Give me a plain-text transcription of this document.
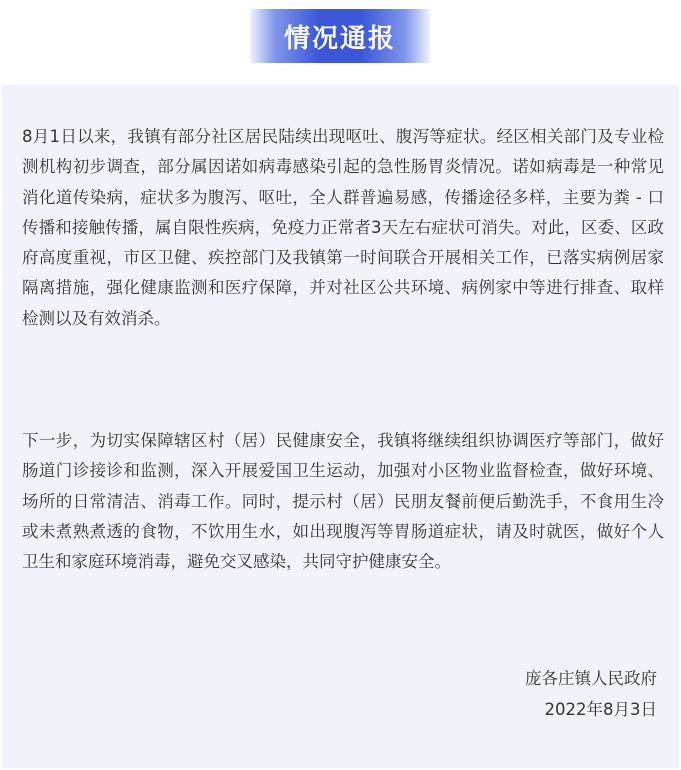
情况通报

8月1日以来，我镇有部分社区居民陆续出现呕吐、腹泻等症状。经区相关部门及专业检测机构初步调查，部分属因诺如病毒感染引起的急性肠胃炎情况。诺如病毒是一种常见消化道传染病，症状多为腹泻、呕吐，全人群普遍易感，传播途径多样，主要为粪 - 口传播和接触传播，属自限性疾病，免疫力正常者3天左右症状可消失。对此，区委、区政府高度重视，市区卫健、疾控部门及我镇第一时间联合开展相关工作，已落实病例居家隔离措施，强化健康监测和医疗保障，并对社区公共环境、病例家中等进行排查、取样检测以及有效消杀。

下一步，为切实保障辖区村（居）民健康安全，我镇将继续组织协调医疗等部门，做好肠道门诊接诊和监测，深入开展爱国卫生运动，加强对小区物业监督检查，做好环境、场所的日常清洁、消毒工作。同时，提示村（居）民朋友餐前便后勤洗手，不食用生冷或未煮熟煮透的食物，不饮用生水，如出现腹泻等胃肠道症状，请及时就医，做好个人卫生和家庭环境消毒，避免交叉感染，共同守护健康安全。

庞各庄镇人民政府
2022年8月3日
